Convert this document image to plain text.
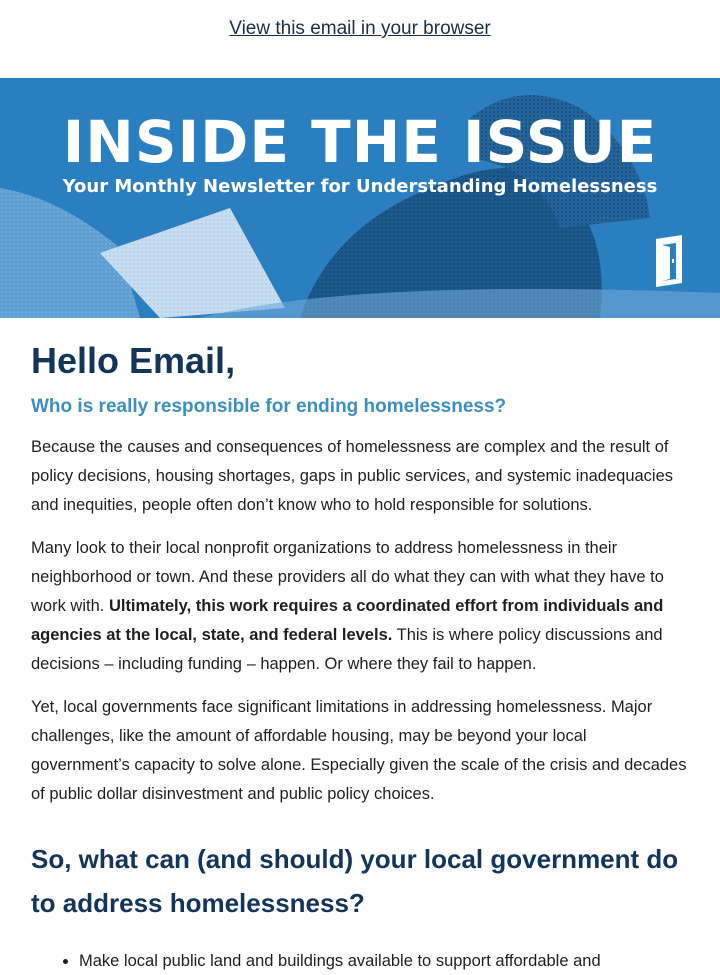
View this email in your browser
INSIDE THE ISSUE
Your Monthly Newsletter for Understanding Homelessness
Hello Email,
Who is really responsible for ending homelessness?

Because the causes and consequences of homelessness are complex and the result of policy decisions, housing shortages, gaps in public services, and systemic inadequacies and inequities, people often don’t know who to hold responsible for solutions.

Many look to their local nonprofit organizations to address homelessness in their neighborhood or town. And these providers all do what they can with what they have to work with. Ultimately, this work requires a coordinated effort from individuals and agencies at the local, state, and federal levels. This is where policy discussions and decisions – including funding – happen. Or where they fail to happen.

Yet, local governments face significant limitations in addressing homelessness. Major challenges, like the amount of affordable housing, may be beyond your local government’s capacity to solve alone. Especially given the scale of the crisis and decades of public dollar disinvestment and public policy choices.

So, what can (and should) your local government do to address homelessness?
• Make local public land and buildings available to support affordable and
